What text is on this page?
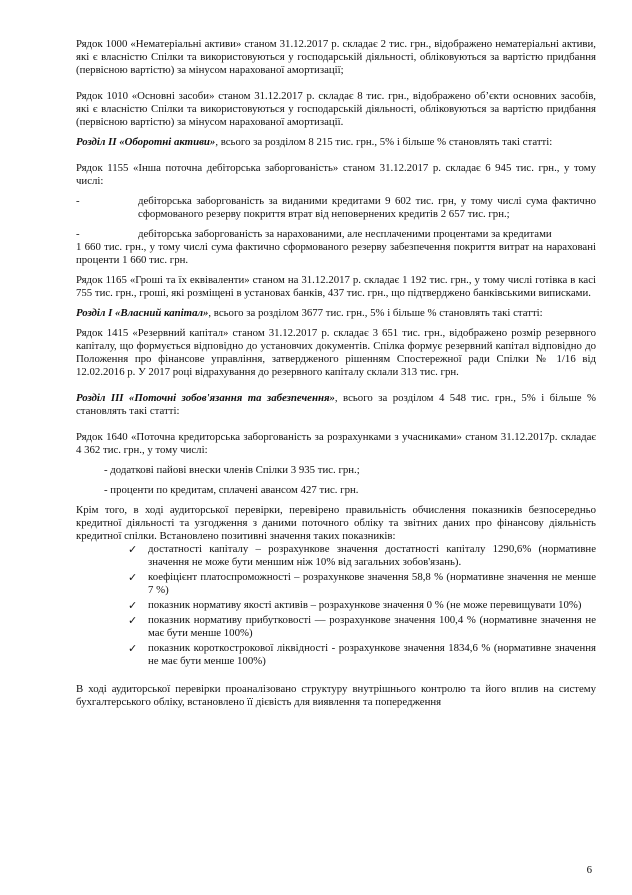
Рядок 1000 «Нематеріальні активи» станом 31.12.2017 р. складає 2 тис. грн., відображено нематеріальні активи, які є власністю Спілки та використовуються у господарській діяльності, обліковуються за вартістю придбання (первісною вартістю) за мінусом нарахованої амортизації;

Рядок 1010 «Основні засоби» станом 31.12.2017 р. складає 8 тис. грн., відображено об’єкти основних засобів, які є власністю Спілки та використовуються у господарській діяльності, обліковуються за вартістю придбання (первісною вартістю) за мінусом нарахованої амортизації.

Розділ ІІ «Оборотні активи», всього за розділом 8 215 тис. грн., 5% і більше % становлять такі статті:

Рядок 1155 «Інша поточна дебіторська заборгованість» станом 31.12.2017 р. складає 6 945 тис. грн., у тому числі:

-	дебіторська заборгованість за виданими кредитами 9 602 тис. грн, у тому числі сума фактично сформованого резерву покриття втрат від неповернених кредитів 2 657 тис. грн.;
-	дебіторська заборгованість за нарахованими, але несплаченими процентами за кредитами

1 660 тис. грн., у тому числі сума фактично сформованого резерву забезпечення покриття витрат на нараховані проценти 1 660 тис. грн.

Рядок 1165 «Гроші та їх еквіваленти» станом на 31.12.2017 р. складає 1 192 тис. грн., у тому числі готівка в касі 755 тис. грн., гроші, які розміщені в установах банків, 437 тис. грн., що підтверджено банківськими виписками.

Розділ І «Власний капітал», всього за розділом 3677 тис. грн., 5% і більше % становлять такі статті:

Рядок 1415 «Резервний капітал» станом 31.12.2017 р. складає 3 651 тис. грн., відображено розмір резервного капіталу, що формується відповідно до установчих документів. Спілка формує резервний капітал відповідно до Положення про фінансове управління, затвердженого рішенням Спостережної ради Спілки № 1/16 від 12.02.2016 р. У 2017 році відрахування до резервного капіталу склали 313 тис. грн.

Розділ ІІІ «Поточні зобов'язання та забезпечення», всього за розділом 4 548 тис. грн., 5% і більше % становлять такі статті:

Рядок 1640 «Поточна кредиторська заборгованість за розрахунками з учасниками» станом 31.12.2017р. складає 4 362 тис. грн., у тому числі:

- додаткові пайові внески членів Спілки 3 935 тис. грн.;

- проценти по кредитам, сплачені авансом 427 тис. грн.

Крім того, в ході аудиторської перевірки, перевірено правильність обчислення показників безпосередньо кредитної діяльності та узгодження з даними поточного обліку та звітних даних про фінансову діяльність кредитної спілки. Встановлено позитивні значення таких показників:

✓ достатності капіталу – розрахункове значення достатності капіталу 1290,6% (нормативне значення не може бути меншим ніж 10% від загальних зобов'язань).
✓ коефіцієнт платоспроможності – розрахункове значення 58,8 % (нормативне значення не менше 7 %)
✓ показник нормативу якості активів – розрахункове значення 0 % (не може перевищувати 10%)
✓ показник нормативу прибутковості — розрахункове значення 100,4 % (нормативне значення не має бути менше 100%)
✓ показник короткострокової ліквідності - розрахункове значення 1834,6 % (нормативне значення не має бути менше 100%)

В ході аудиторської перевірки проаналізовано структуру внутрішнього контролю та його вплив на систему бухгалтерського обліку, встановлено її дієвість для виявлення та попередження

6
